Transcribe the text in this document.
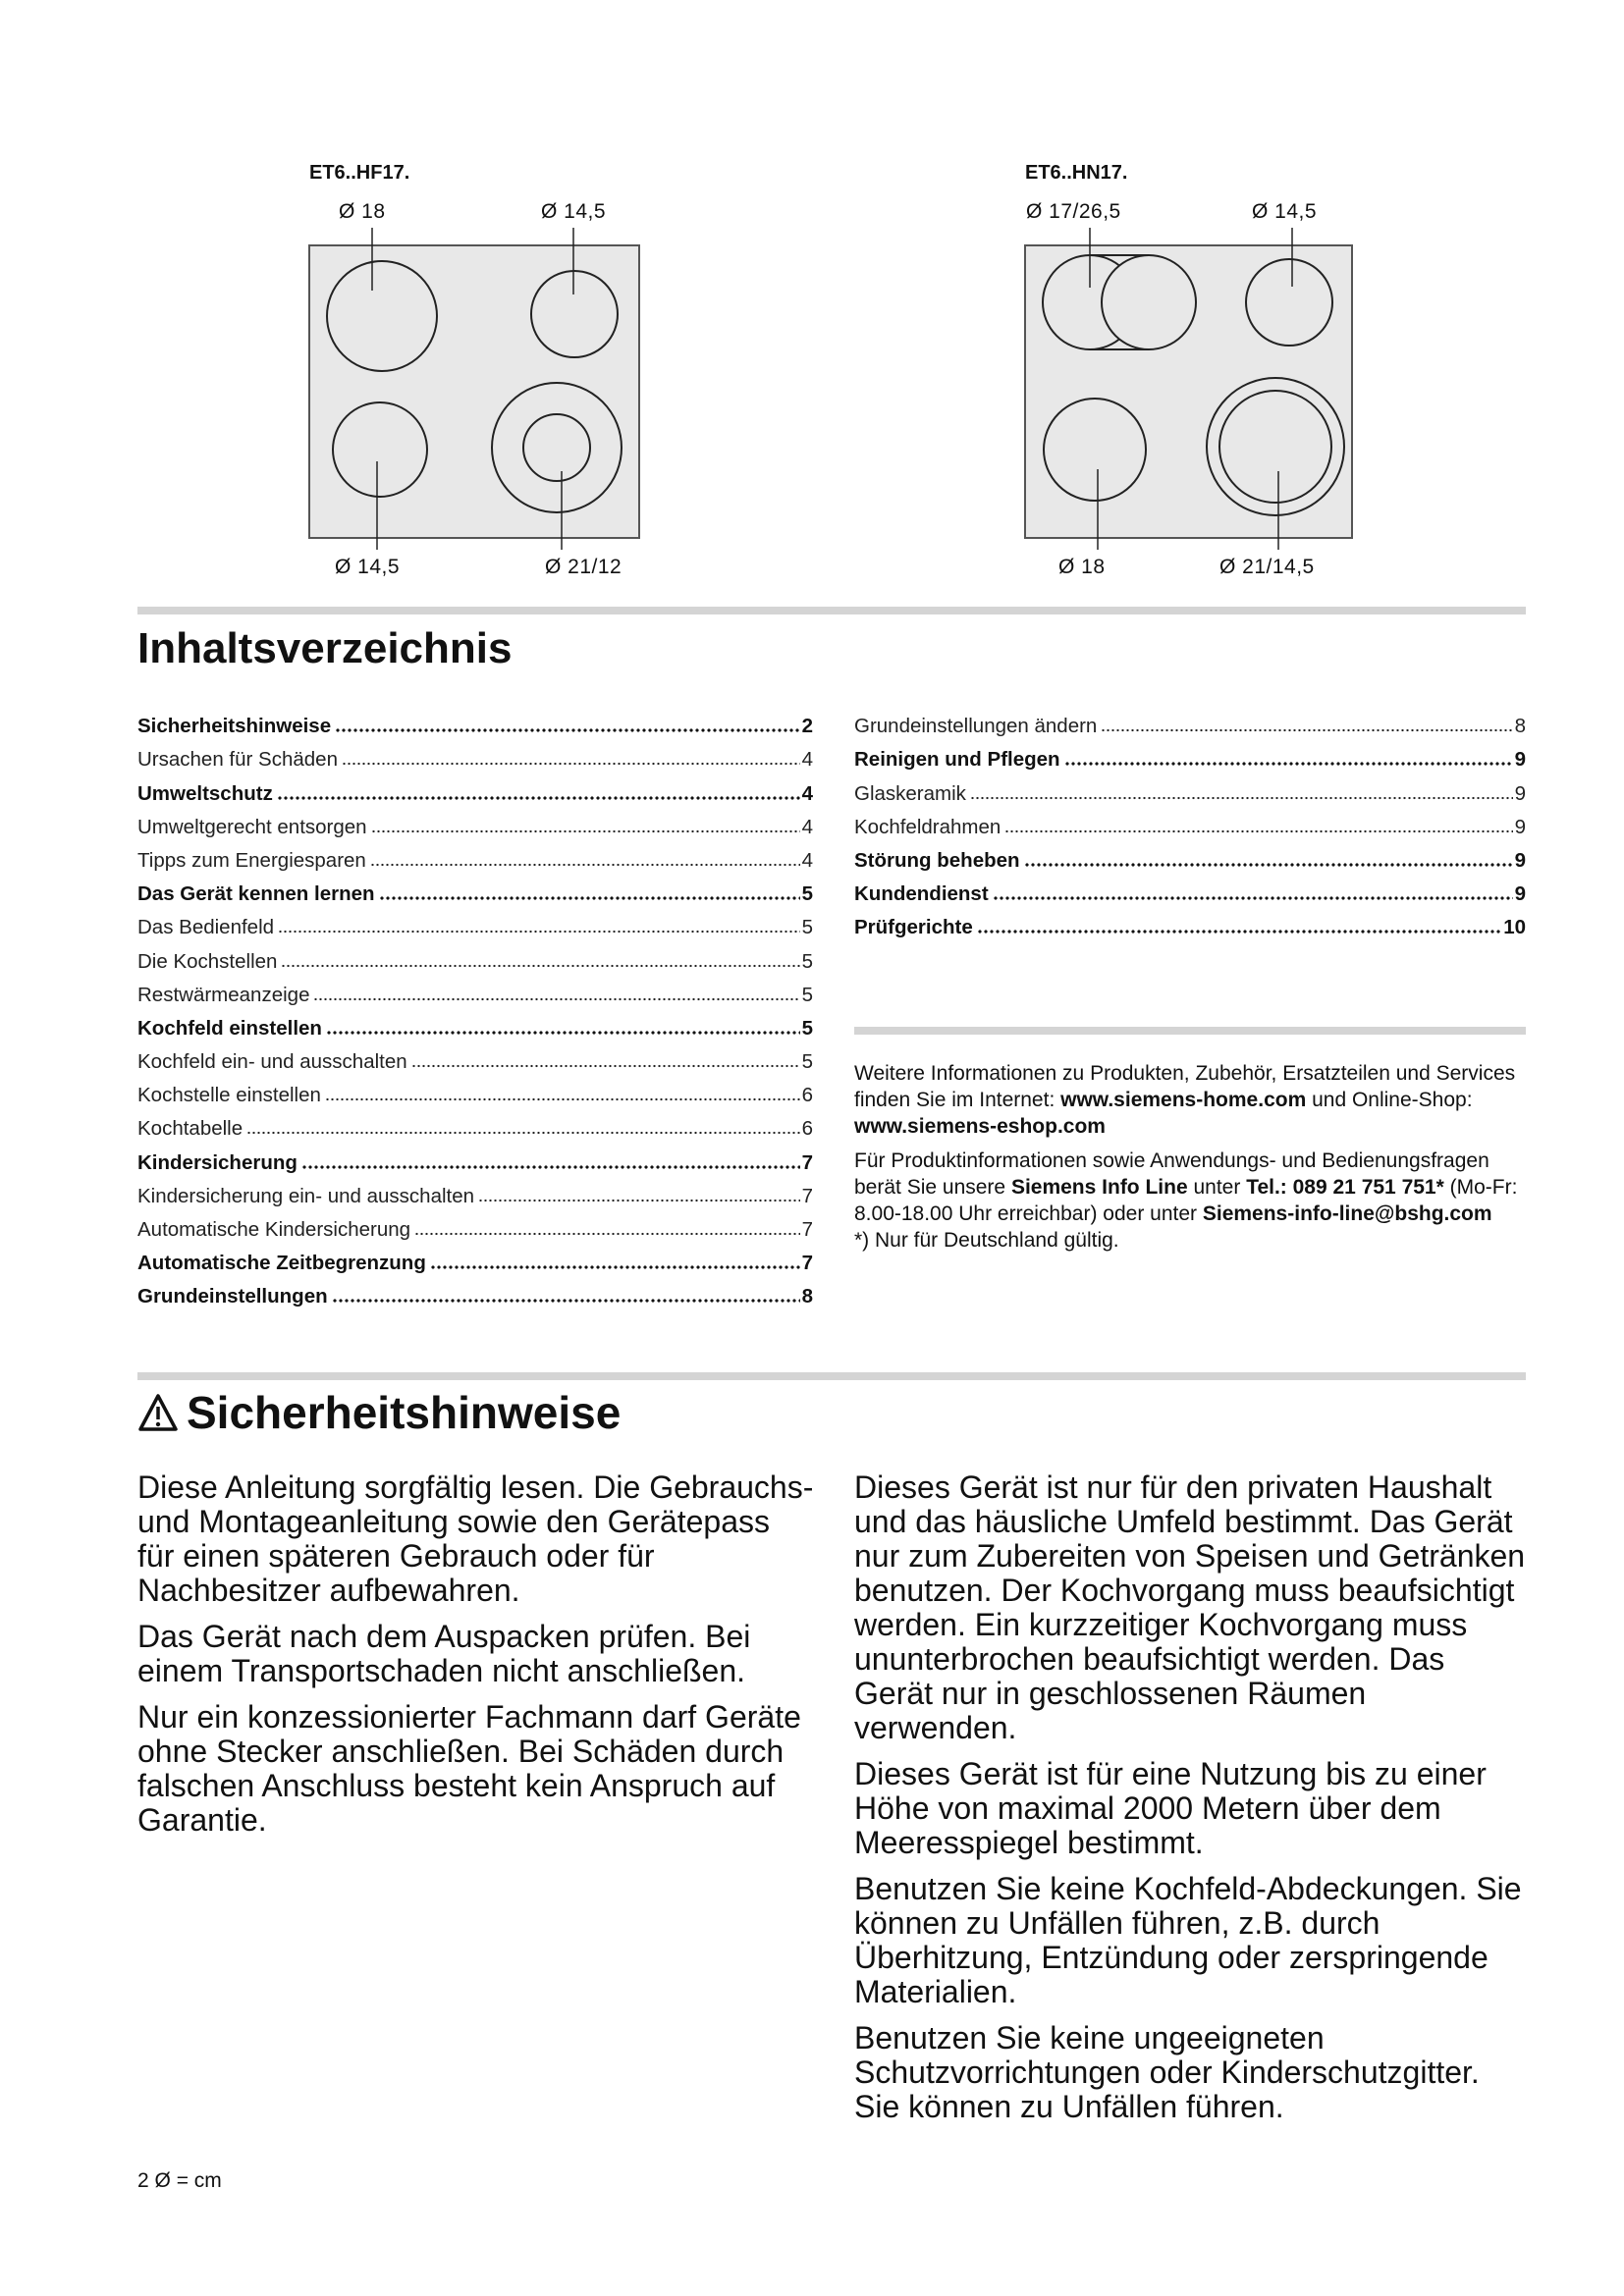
ET6..HF17.
Ø 18	Ø 14,5
Ø 14,5	Ø 21/12
ET6..HN17.
Ø 17/26,5	Ø 14,5
Ø 18	Ø 21/14,5
Inhaltsverzeichnis
Sicherheitshinweise	2
Ursachen für Schäden	4
Umweltschutz	4
Umweltgerecht entsorgen	4
Tipps zum Energiesparen	4
Das Gerät kennen lernen	5
Das Bedienfeld	5
Die Kochstellen	5
Restwärmeanzeige	5
Kochfeld einstellen	5
Kochfeld ein- und ausschalten	5
Kochstelle einstellen	6
Kochtabelle	6
Kindersicherung	7
Kindersicherung ein- und ausschalten	7
Automatische Kindersicherung	7
Automatische Zeitbegrenzung	7
Grundeinstellungen	8
Grundeinstellungen ändern	8
Reinigen und Pflegen	9
Glaskeramik	9
Kochfeldrahmen	9
Störung beheben	9
Kundendienst	9
Prüfgerichte	10

Weitere Informationen zu Produkten, Zubehör, Ersatzteilen und Services finden Sie im Internet: www.siemens-home.com und Online-Shop: www.siemens-eshop.com

Für Produktinformationen sowie Anwendungs- und Bedienungsfragen berät Sie unsere Siemens Info Line unter Tel.: 089 21 751 751* (Mo-Fr: 8.00-18.00 Uhr erreichbar) oder unter Siemens-info-line@bshg.com

*) Nur für Deutschland gültig.
Sicherheitshinweise

Diese Anleitung sorgfältig lesen. Die Gebrauchs- und Montageanleitung sowie den Gerätepass für einen späteren Gebrauch oder für Nachbesitzer aufbewahren.

Das Gerät nach dem Auspacken prüfen. Bei einem Transportschaden nicht anschließen.

Nur ein konzessionierter Fachmann darf Geräte ohne Stecker anschließen. Bei Schäden durch falschen Anschluss besteht kein Anspruch auf Garantie.

Dieses Gerät ist nur für den privaten Haushalt und das häusliche Umfeld bestimmt. Das Gerät nur zum Zubereiten von Speisen und Getränken benutzen. Der Kochvorgang muss beaufsichtigt werden. Ein kurzzeitiger Kochvorgang muss ununterbrochen beaufsichtigt werden. Das Gerät nur in geschlossenen Räumen verwenden.

Dieses Gerät ist für eine Nutzung bis zu einer Höhe von maximal 2000 Metern über dem Meeresspiegel bestimmt.

Benutzen Sie keine Kochfeld-Abdeckungen. Sie können zu Unfällen führen, z.B. durch Überhitzung, Entzündung oder zerspringende Materialien.

Benutzen Sie keine ungeeigneten Schutzvorrichtungen oder Kinderschutzgitter. Sie können zu Unfällen führen.

2 Ø = cm
